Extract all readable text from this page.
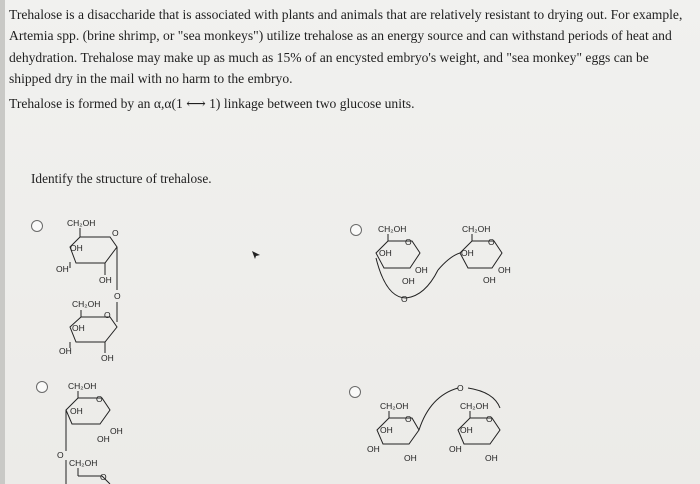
Trehalose is a disaccharide that is associated with plants and animals that are relatively resistant to drying out. For example, Artemia spp. (brine shrimp, or "sea monkeys") utilize trehalose as an energy source and can withstand periods of heat and dehydration. Trehalose may make up as much as 15% of an encysted embryo's weight, and "sea monkey" eggs can be shipped dry in the mail with no harm to the embryo.

Trehalose is formed by an α,α(1 ⟷ 1) linkage between two glucose units.

Identify the structure of trehalose.
CH₂OH
O
OH
OH
OH
O
CH₂OH
O
OH
OH
OH
CH₂OH
O
OH
OH
OH
O
CH₂OH
O
OH
OH
OH
CH₂OH
O
OH
OH
OH
O
CH₂OH
O
CH₂OH
O
OH
OH
OH
O
CH₂OH
O
OH
OH
OH
